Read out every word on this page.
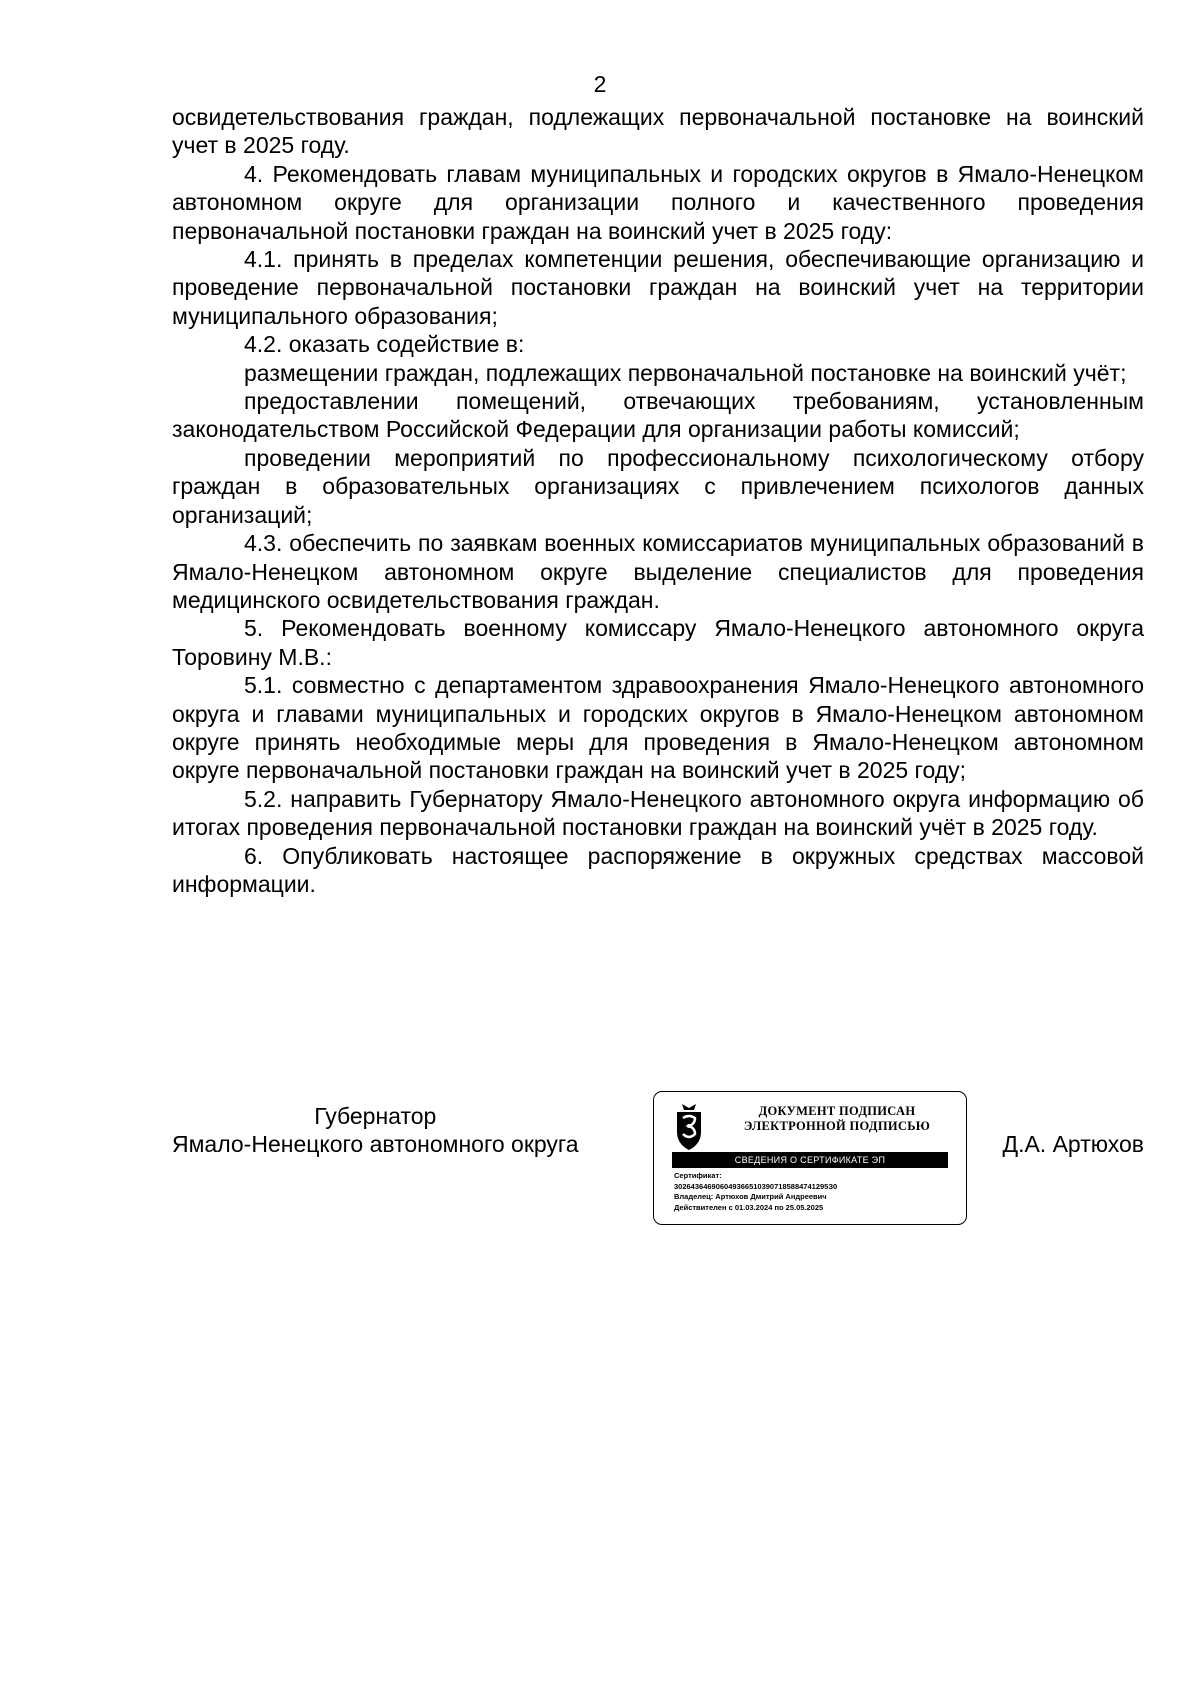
2

освидетельствования граждан, подлежащих первоначальной постановке на воинский учет в 2025 году.

4. Рекомендовать главам муниципальных и городских округов в Ямало-Ненецком автономном округе для организации полного и качественного проведения первоначальной постановки граждан на воинский учет в 2025 году:

4.1. принять в пределах компетенции решения, обеспечивающие организацию и проведение первоначальной постановки граждан на воинский учет на территории муниципального образования;

4.2. оказать содействие в:

размещении граждан, подлежащих первоначальной постановке на воинский учёт;

предоставлении помещений, отвечающих требованиям, установленным законодательством Российской Федерации для организации работы комиссий;

проведении мероприятий по профессиональному психологическому отбору граждан в образовательных организациях с привлечением психологов данных организаций;

4.3. обеспечить по заявкам военных комиссариатов муниципальных образований в Ямало-Ненецком автономном округе выделение специалистов для проведения медицинского освидетельствования граждан.

5. Рекомендовать военному комиссару Ямало-Ненецкого автономного округа Торовину М.В.:

5.1. совместно с департаментом здравоохранения Ямало-Ненецкого автономного округа и главами муниципальных и городских округов в Ямало-Ненецком автономном округе принять необходимые меры для проведения в Ямало-Ненецком автономном округе первоначальной постановки граждан на воинский учет в 2025 году;

5.2. направить Губернатору Ямало-Ненецкого автономного округа информацию об итогах проведения первоначальной постановки граждан на воинский учёт в 2025 году.

6. Опубликовать настоящее распоряжение в окружных средствах массовой информации.

Губернатор
Ямало-Ненецкого автономного округа
ДОКУМЕНТ ПОДПИСАН
ЭЛЕКТРОННОЙ ПОДПИСЬЮ
СВЕДЕНИЯ О СЕРТИФИКАТЕ ЭП
Сертификат:
3026436469060493665103907185884741295З0
Владелец: Артюхов Дмитрий Андреевич
Действителен с 01.03.2024 по 25.05.2025
Д.А. Артюхов
